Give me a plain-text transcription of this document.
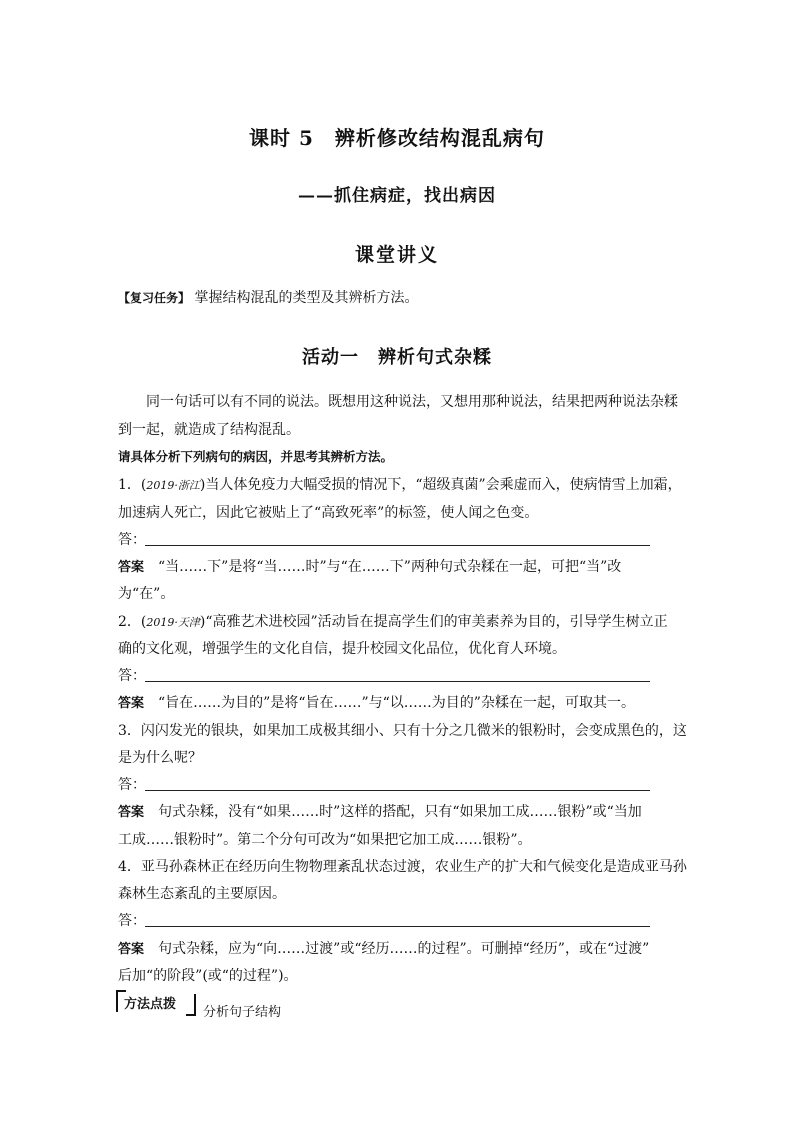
课时 5　辨析修改结构混乱病句
——抓住病症，找出病因
课堂讲义
【复习任务】 掌握结构混乱的类型及其辨析方法。
活动一　辨析句式杂糅
同一句话可以有不同的说法。既想用这种说法，又想用那种说法，结果把两种说法杂糅
到一起，就造成了结构混乱。
请具体分析下列病句的病因，并思考其辨析方法。
1．(2019·浙江)当人体免疫力大幅受损的情况下，“超级真菌”会乘虚而入，使病情雪上加霜，
加速病人死亡，因此它被贴上了“高致死率”的标签，使人闻之色变。
答：
答案 “当……下”是将“当……时”与“在……下”两种句式杂糅在一起，可把“当”改
为“在”。
2．(2019·天津)“高雅艺术进校园”活动旨在提高学生们的审美素养为目的，引导学生树立正
确的文化观，增强学生的文化自信，提升校园文化品位，优化育人环境。
答：
答案 “旨在……为目的”是将“旨在……”与“以……为目的”杂糅在一起，可取其一。
3．闪闪发光的银块，如果加工成极其细小、只有十分之几微米的银粉时，会变成黑色的，这
是为什么呢？
答：
答案 句式杂糅，没有“如果……时”这样的搭配，只有“如果加工成……银粉”或“当加
工成……银粉时”。第二个分句可改为“如果把它加工成……银粉”。
4．亚马孙森林正在经历向生物物理紊乱状态过渡，农业生产的扩大和气候变化是造成亚马孙
森林生态紊乱的主要原因。
答：
答案 句式杂糅，应为“向……过渡”或“经历……的过程”。可删掉“经历”，或在“过渡”
后加“的阶段”(或“的过程”)。
方法点拨
分析句子结构
